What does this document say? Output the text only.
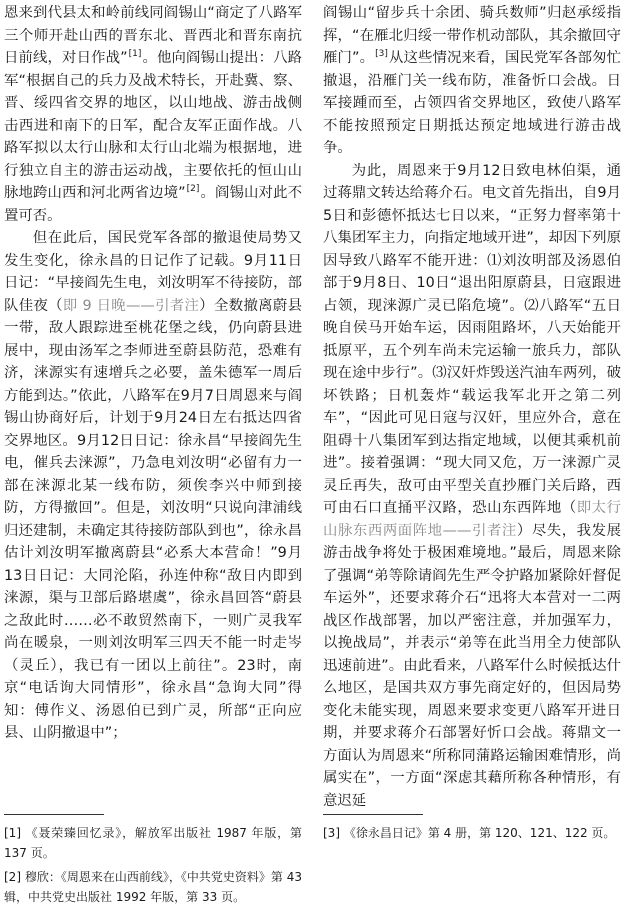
恩来到代县太和岭前线同阎锡山“商定了八路军三个师开赴山西的晋东北、晋西北和晋东南抗日前线，对日作战”[1]。他向阎锡山提出：八路军“根据自己的兵力及战术特长，开赴冀、察、晋、绥四省交界的地区，以山地战、游击战侧击西进和南下的日军，配合友军正面作战。八路军拟以太行山脉和太行山北端为根据地，进行独立自主的游击运动战，主要依托的恒山山脉地跨山西和河北两省边境”[2]。阎锡山对此不置可否。

但在此后，国民党军各部的撤退使局势又发生变化，徐永昌的日记作了记载。9月11日日记：“早接阎先生电，刘汝明军不待接防，部队佳夜（即 9 日晚——引者注）全数撤离蔚县一带，敌人跟踪进至桃花堡之线，仍向蔚县进展中，现由汤军之李师进至蔚县防范，恐难有济，涞源实有速增兵之必要，盖朱德军一周后方能到达。”依此，八路军在9月7日周恩来与阎锡山协商好后，计划于9月24日左右抵达四省交界地区。9月12日日记：徐永昌“早接阎先生电，催兵去涞源”，乃急电刘汝明“必留有力一部在涞源北某一线布防，须俟李兴中师到接防，方得撤回”。但是，刘汝明“只说向津浦线归还建制，未确定其待接防部队到也”，徐永昌估计刘汝明军撤离蔚县“必系大本营命！”9月13日日记：大同沦陷，孙连仲称“敌日内即到涞源，渠与卫部后路堪虞”，徐永昌回答“蔚县之敌此时……必不敢贸然南下，一则广灵我军尚在暖泉，一则刘汝明军三四天不能一时走岑（灵丘），我已有一团以上前往”。23时，南京“电话询大同情形”，徐永昌“急询大同”得知：傅作义、汤恩伯已到广灵，所部“正向应县、山阴撤退中”；

[1] 《聂荣臻回忆录》，解放军出版社 1987 年版，第 137 页。

[2] 穆欣：《周恩来在山西前线》，《中共党史资料》第 43 辑，中共党史出版社 1992 年版，第 33 页。

阎锡山“留步兵十余团、骑兵数师”归赵承绥指挥，“在雁北归绥一带作机动部队，其余撤回守雁门”。[3]从这些情况来看，国民党军各部匆忙撤退，沿雁门关一线布防，准备忻口会战。日军接踵而至，占领四省交界地区，致使八路军不能按照预定日期抵达预定地域进行游击战争。

为此，周恩来于9月12日致电林伯渠，通过蒋鼎文转达给蒋介石。电文首先指出，自9月5日和彭德怀抵达七日以来，“正努力督率第十八集团军主力，向指定地域开进”，却因下列原因导致八路军不能开进：⑴刘汝明部及汤恩伯部于9月8日、10日“退出阳原蔚县，日寇跟进占领，现涞源广灵已陷危境”。⑵八路军“五日晚自侯马开始车运，因雨阻路坏，八天始能开抵原平，五个列车尚未完运输一旅兵力，部队现在途中步行”。⑶汉奸炸毁送汽油车两列，破坏铁路；日机轰炸“载运我军北开之第二列车”，“因此可见日寇与汉奸，里应外合，意在阻碍十八集团军到达指定地域，以便其乘机前进”。接着强调：“现大同又危，万一涞源广灵灵丘再失，敌可由平型关直抄雁门关后路，西可由石口直捅平汉路，恐山东西阵地（即太行山脉东西两面阵地——引者注）尽失，我发展游击战争将处于极困难境地。”最后，周恩来除了强调“弟等除请阎先生严令护路加紧除奸督促车运外”，还要求蒋介石“迅将大本营对一二两战区作战部署，加以严密注意，并加强军力，以挽战局”，并表示“弟等在此当用全力使部队迅速前进”。由此看来，八路军什么时候抵达什么地区，是国共双方事先商定好的，但因局势变化未能实现，周恩来要求变更八路军开进日期，并要求蒋介石部署好忻口会战。蒋鼎文一方面认为周恩来“所称同蒲路运输困难情形，尚属实在”，一方面“深虑其藉所称各种情形，有意迟延

[3] 《徐永昌日记》第 4 册，第 120、121、122 页。
